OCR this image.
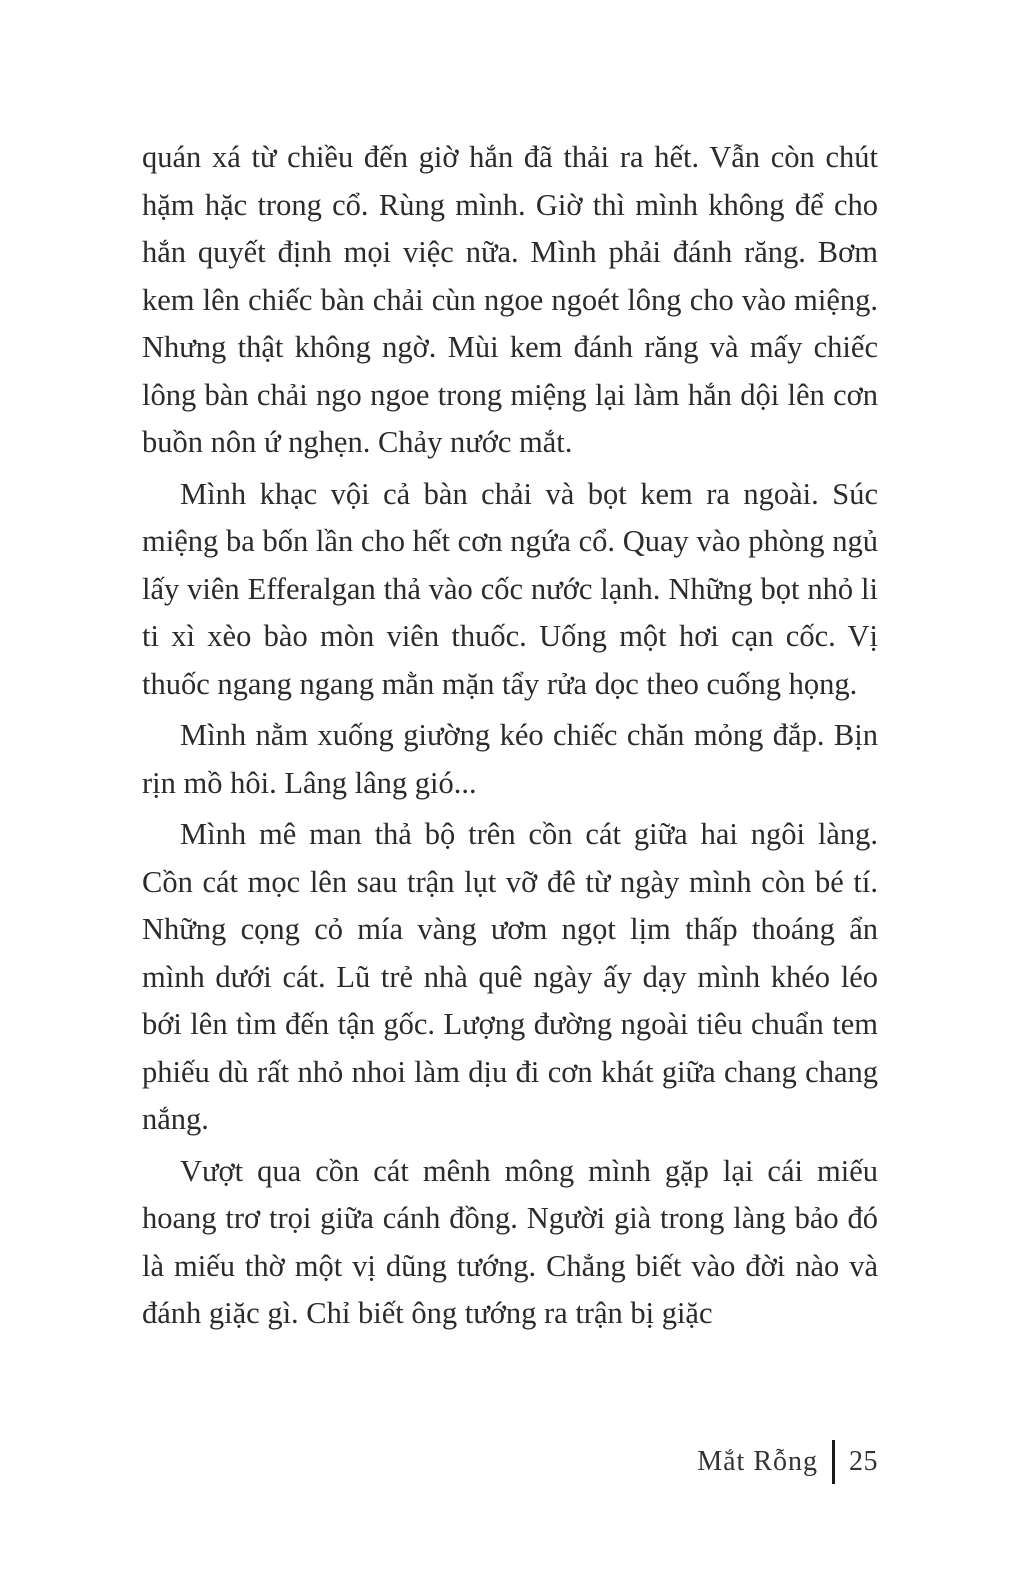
quán xá từ chiều đến giờ hắn đã thải ra hết. Vẫn còn chút hặm hặc trong cổ. Rùng mình. Giờ thì mình không để cho hắn quyết định mọi việc nữa. Mình phải đánh răng. Bơm kem lên chiếc bàn chải cùn ngoe ngoét lông cho vào miệng. Nhưng thật không ngờ. Mùi kem đánh răng và mấy chiếc lông bàn chải ngo ngoe trong miệng lại làm hắn dội lên cơn buồn nôn ứ nghẹn. Chảy nước mắt.

Mình khạc vội cả bàn chải và bọt kem ra ngoài. Súc miệng ba bốn lần cho hết cơn ngứa cổ. Quay vào phòng ngủ lấy viên Efferalgan thả vào cốc nước lạnh. Những bọt nhỏ li ti xì xèo bào mòn viên thuốc. Uống một hơi cạn cốc. Vị thuốc ngang ngang mằn mặn tẩy rửa dọc theo cuống họng.

Mình nằm xuống giường kéo chiếc chăn mỏng đắp. Bịn rịn mồ hôi. Lâng lâng gió...

Mình mê man thả bộ trên cồn cát giữa hai ngôi làng. Cồn cát mọc lên sau trận lụt vỡ đê từ ngày mình còn bé tí. Những cọng cỏ mía vàng ươm ngọt lịm thấp thoáng ẩn mình dưới cát. Lũ trẻ nhà quê ngày ấy dạy mình khéo léo bới lên tìm đến tận gốc. Lượng đường ngoài tiêu chuẩn tem phiếu dù rất nhỏ nhoi làm dịu đi cơn khát giữa chang chang nắng.

Vượt qua cồn cát mênh mông mình gặp lại cái miếu hoang trơ trọi giữa cánh đồng. Người già trong làng bảo đó là miếu thờ một vị dũng tướng. Chẳng biết vào đời nào và đánh giặc gì. Chỉ biết ông tướng ra trận bị giặc

Mắt Rỗng 25
